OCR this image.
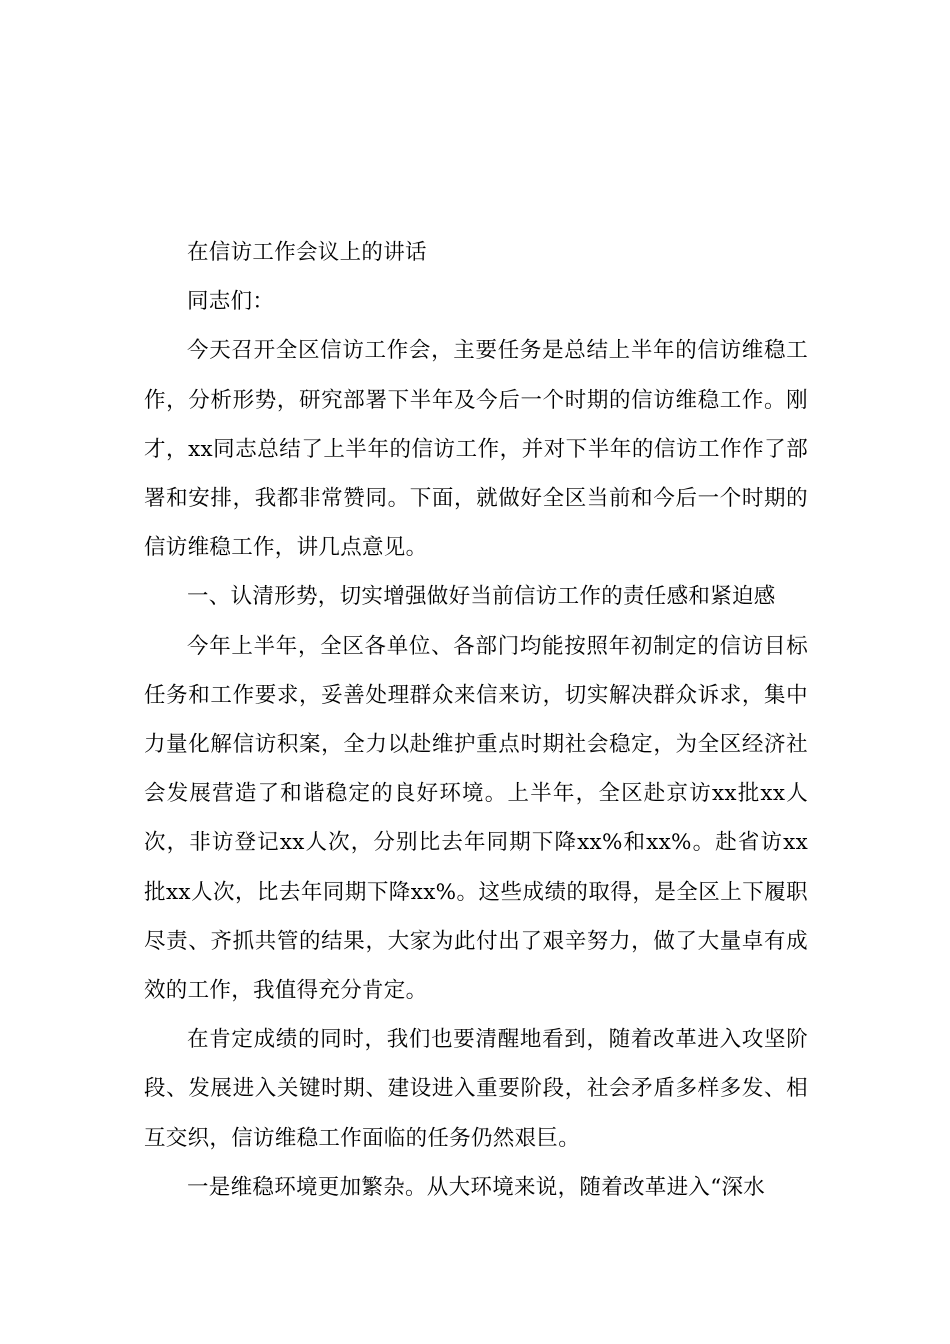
在信访工作会议上的讲话

同志们：

今天召开全区信访工作会，主要任务是总结上半年的信访维稳工作，分析形势，研究部署下半年及今后一个时期的信访维稳工作。刚才，xx同志总结了上半年的信访工作，并对下半年的信访工作作了部署和安排，我都非常赞同。下面，就做好全区当前和今后一个时期的信访维稳工作，讲几点意见。

一、认清形势，切实增强做好当前信访工作的责任感和紧迫感

今年上半年，全区各单位、各部门均能按照年初制定的信访目标任务和工作要求，妥善处理群众来信来访，切实解决群众诉求，集中力量化解信访积案，全力以赴维护重点时期社会稳定，为全区经济社会发展营造了和谐稳定的良好环境。上半年，全区赴京访xx批xx人次，非访登记xx人次，分别比去年同期下降xx%和xx%。赴省访xx批xx人次，比去年同期下降xx%。这些成绩的取得，是全区上下履职尽责、齐抓共管的结果，大家为此付出了艰辛努力，做了大量卓有成效的工作，我值得充分肯定。

在肯定成绩的同时，我们也要清醒地看到，随着改革进入攻坚阶段、发展进入关键时期、建设进入重要阶段，社会矛盾多样多发、相互交织，信访维稳工作面临的任务仍然艰巨。

一是维稳环境更加繁杂。从大环境来说，随着改革进入“深水
